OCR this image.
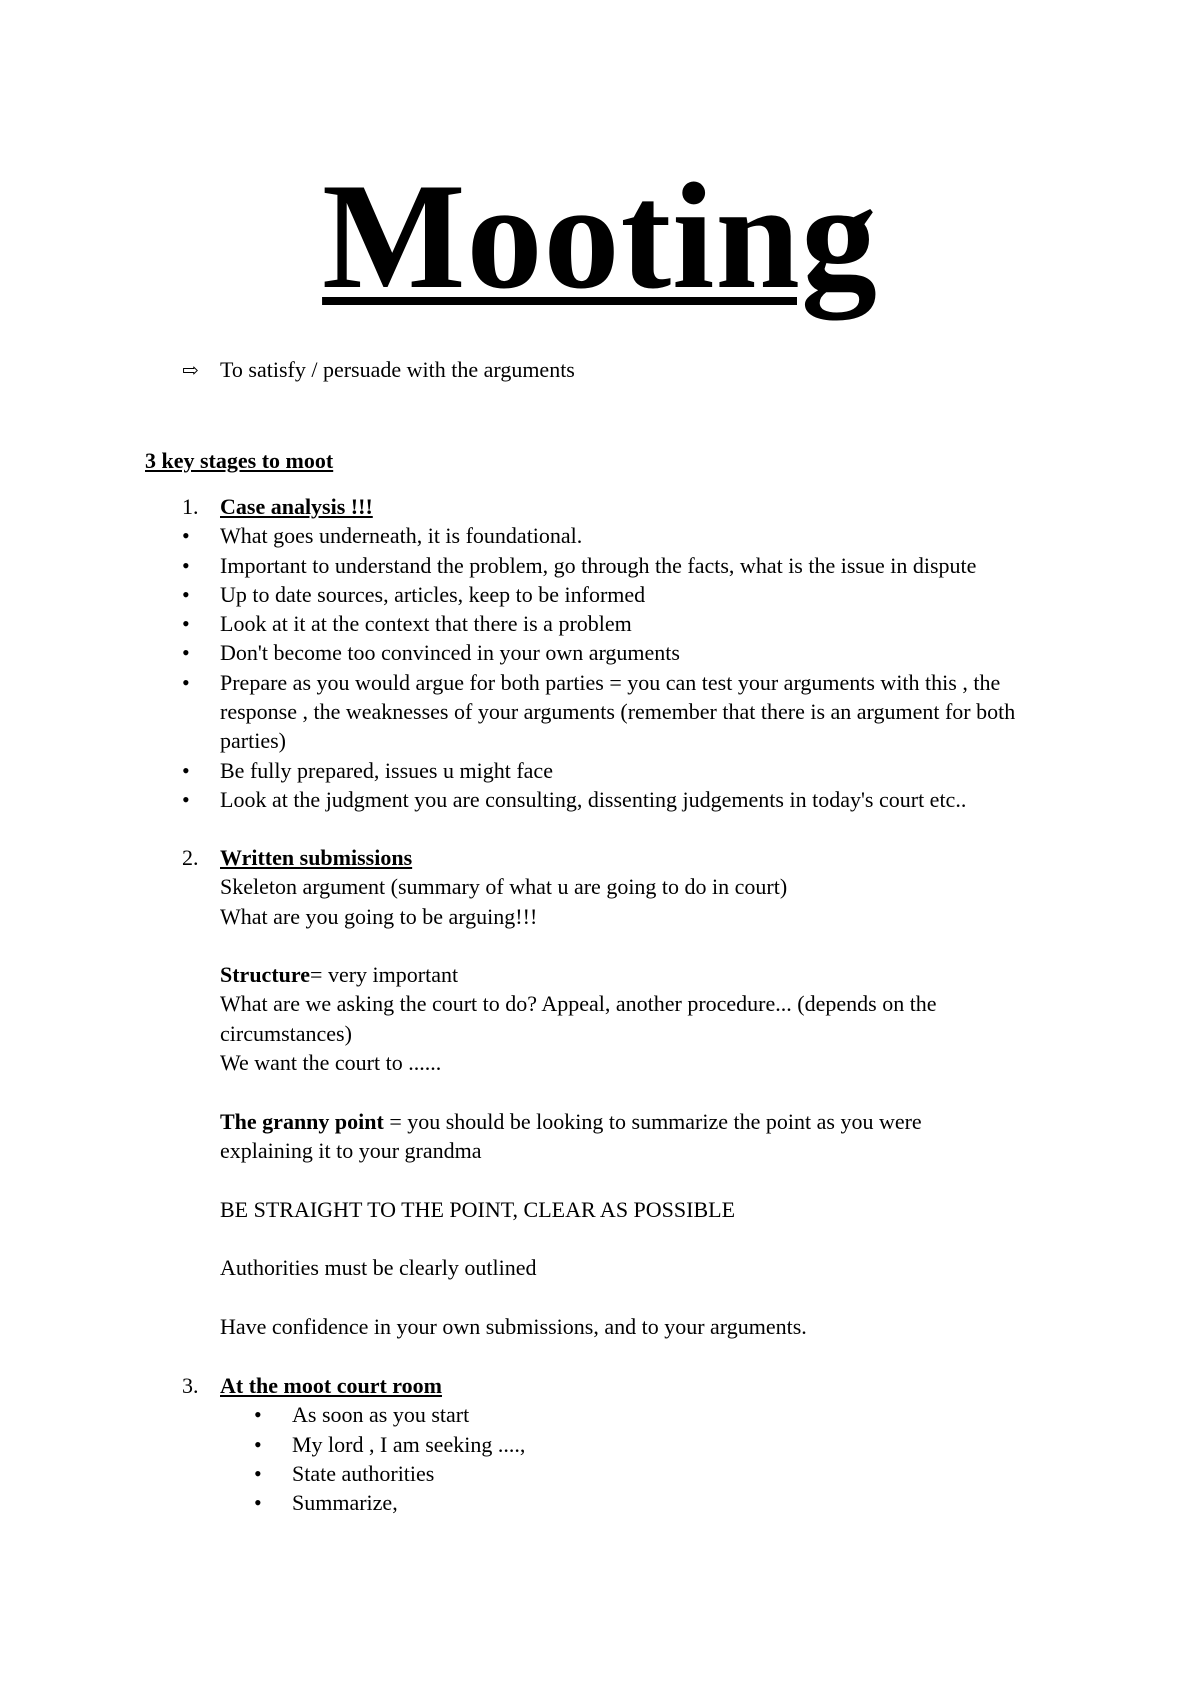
Mooting
⇨ To satisfy / persuade with the arguments
3 key stages to moot
1. Case analysis !!!
•
What goes underneath, it is foundational.
•
Important to understand the problem, go through the facts, what is the issue in dispute
•
Up to date sources, articles, keep to be informed
•
Look at it at the context that there is a problem
•
Don't become too convinced in your own arguments
•
Prepare as you would argue for both parties = you can test your arguments with this , the response , the weaknesses of your arguments (remember that there is an argument for both parties)
•
Be fully prepared, issues u might face
•
Look at the judgment you are consulting, dissenting judgements in today's court etc..
2. Written submissions
Skeleton argument (summary of what u are going to do in court)
What are you going to be arguing!!!
Structure= very important
What are we asking the court to do? Appeal, another procedure... (depends on the circumstances)
We want the court to ......
The granny point = you should be looking to summarize the point as you were explaining it to your grandma
BE STRAIGHT TO THE POINT, CLEAR AS POSSIBLE
Authorities must be clearly outlined
Have confidence in your own submissions, and to your arguments.
3. At the moot court room
•
As soon as you start
•
My lord , I am seeking ....,
•
State authorities
•
Summarize,
